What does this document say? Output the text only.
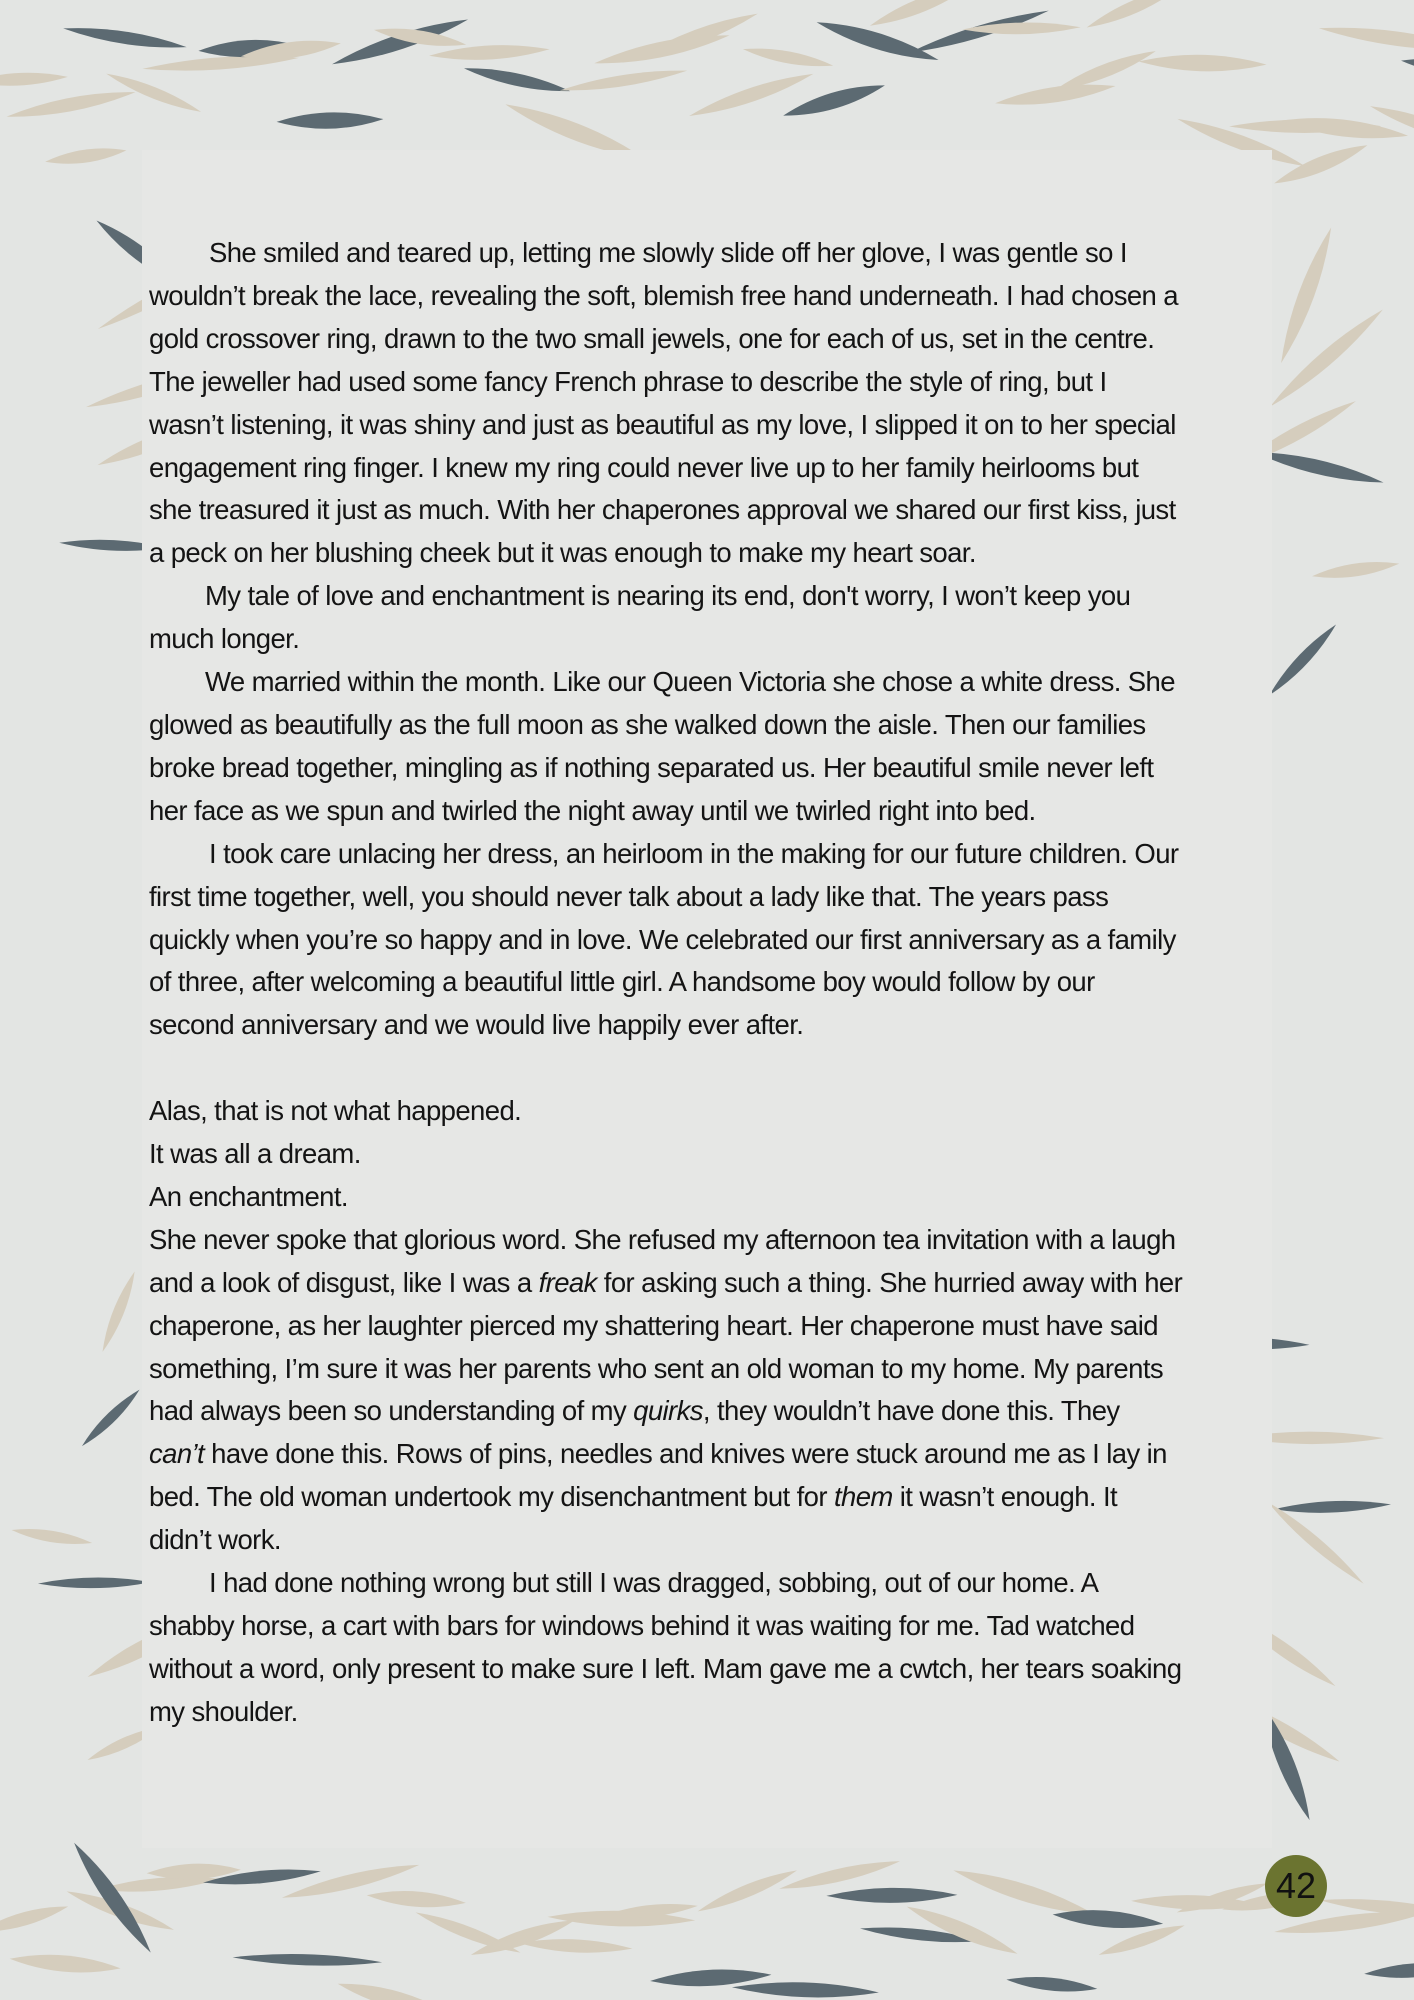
She smiled and teared up, letting me slowly slide off her glove, I was gentle so I

wouldn’t break the lace, revealing the soft, blemish free hand underneath. I had chosen a

gold crossover ring, drawn to the two small jewels, one for each of us, set in the centre.

The jeweller had used some fancy French phrase to describe the style of ring, but I

wasn’t listening, it was shiny and just as beautiful as my love, I slipped it on to her special

engagement ring finger. I knew my ring could never live up to her family heirlooms but

she treasured it just as much. With her chaperones approval we shared our first kiss, just

a peck on her blushing cheek but it was enough to make my heart soar.

My tale of love and enchantment is nearing its end, don't worry, I won’t keep you

much longer.

We married within the month. Like our Queen Victoria she chose a white dress. She

glowed as beautifully as the full moon as she walked down the aisle. Then our families

broke bread together, mingling as if nothing separated us. Her beautiful smile never left

her face as we spun and twirled the night away until we twirled right into bed.

I took care unlacing her dress, an heirloom in the making for our future children. Our

first time together, well, you should never talk about a lady like that. The years pass

quickly when you’re so happy and in love. We celebrated our first anniversary as a family

of three, after welcoming a beautiful little girl. A handsome boy would follow by our

second anniversary and we would live happily ever after.

Alas, that is not what happened.

It was all a dream.

An enchantment.

She never spoke that glorious word. She refused my afternoon tea invitation with a laugh

and a look of disgust, like I was a freak for asking such a thing. She hurried away with her

chaperone, as her laughter pierced my shattering heart. Her chaperone must have said

something, I’m sure it was her parents who sent an old woman to my home. My parents

had always been so understanding of my quirks, they wouldn’t have done this. They

can’t have done this. Rows of pins, needles and knives were stuck around me as I lay in

bed. The old woman undertook my disenchantment but for them it wasn’t enough. It

didn’t work.

I had done nothing wrong but still I was dragged, sobbing, out of our home. A

shabby horse, a cart with bars for windows behind it was waiting for me. Tad watched

without a word, only present to make sure I left. Mam gave me a cwtch, her tears soaking

my shoulder.

42
